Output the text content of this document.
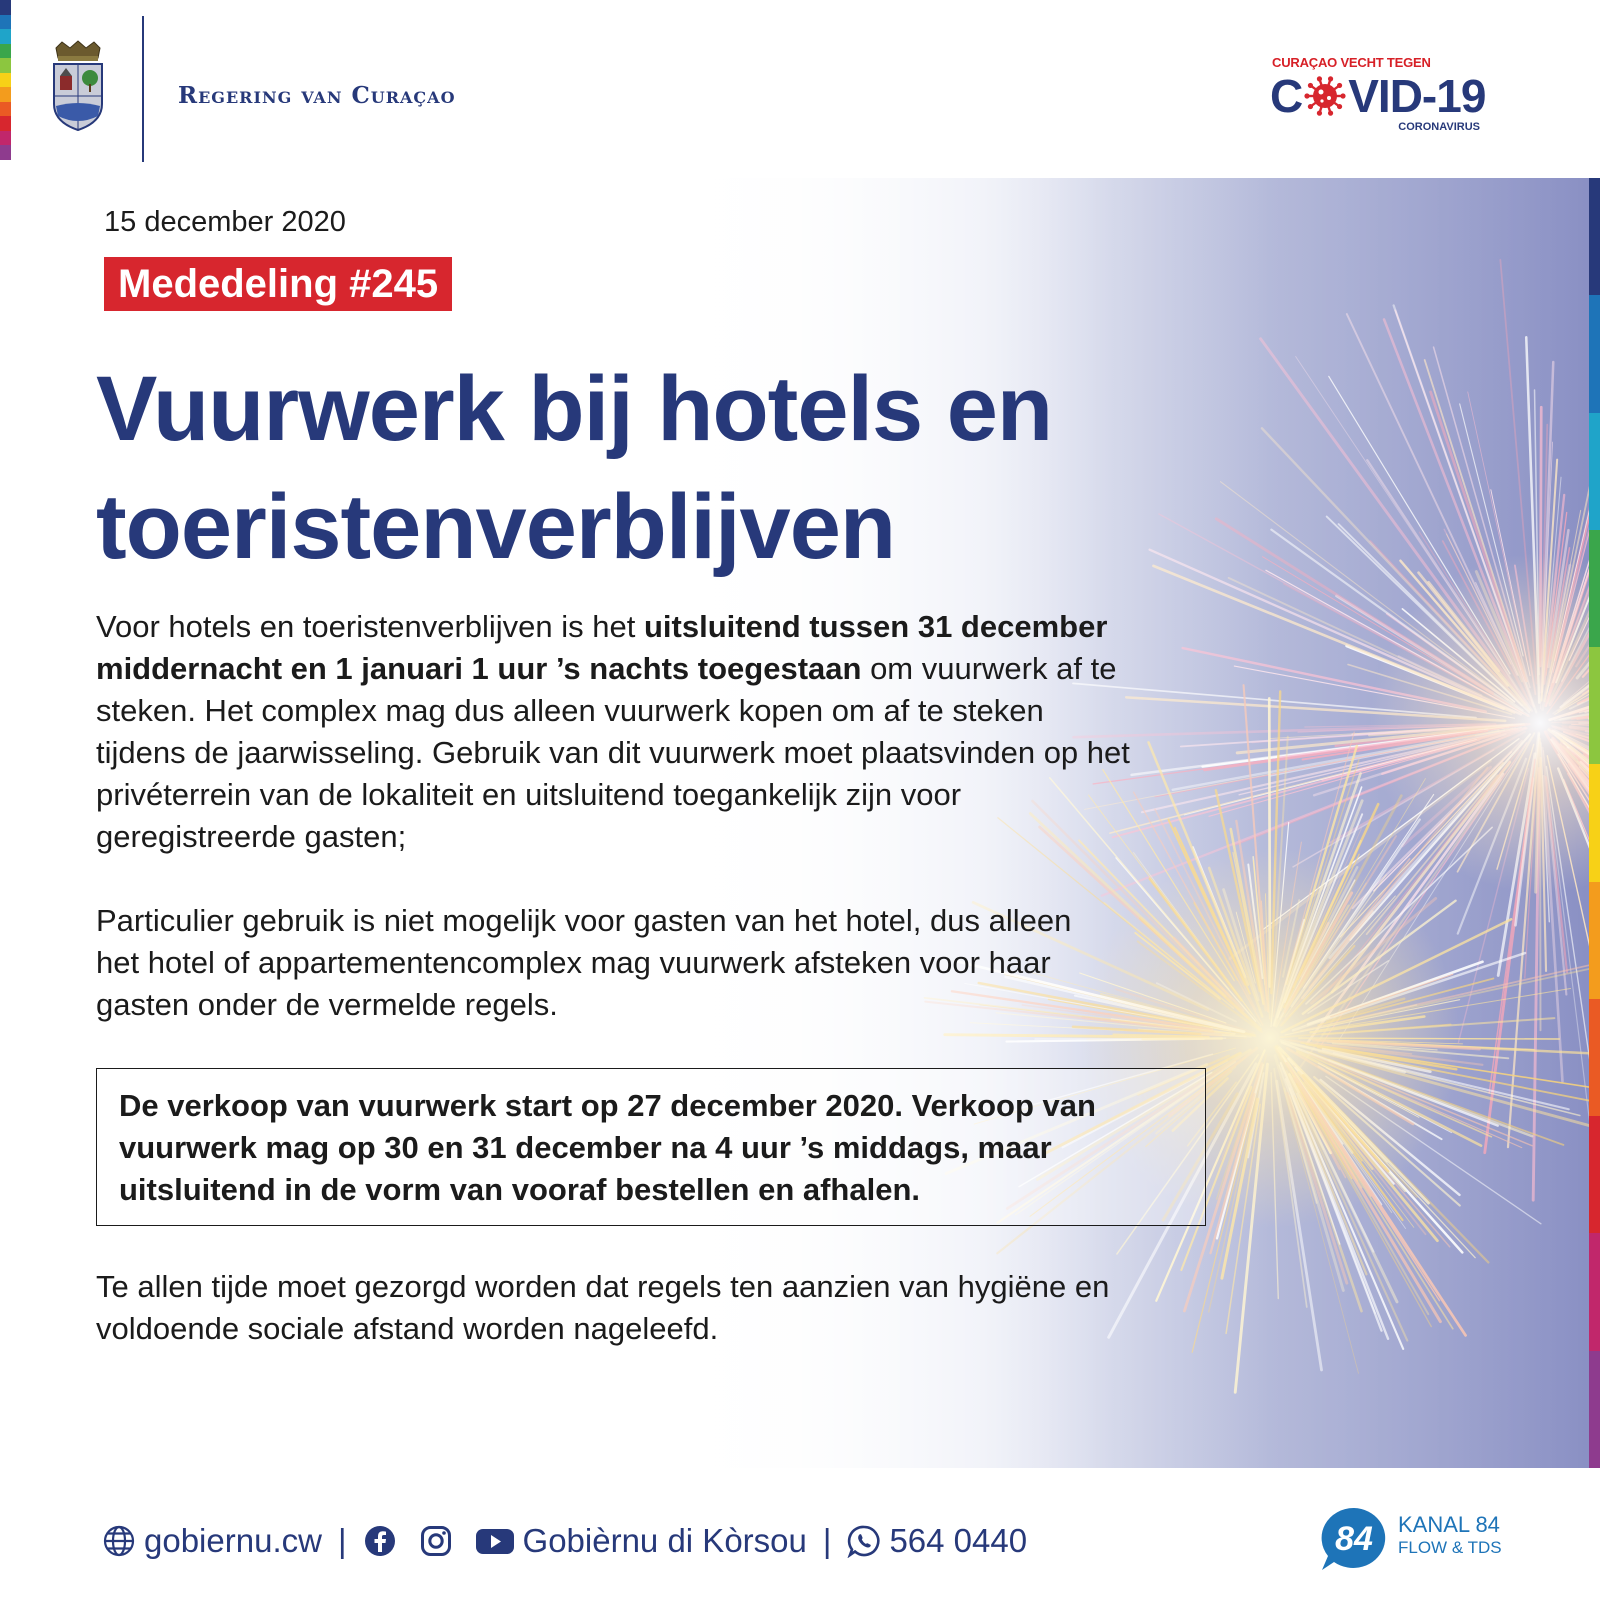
Regering van Curaçao
CURAÇAO VECHT TEGEN
C VID-19
CORONAVIRUS
15 december 2020
Mededeling #245
Vuurwerk bij hotels en toeristenverblijven
Voor hotels en toeristenverblijven is het uitsluitend tussen 31 december middernacht en 1 januari 1 uur ’s nachts toegestaan om vuurwerk af te steken. Het complex mag dus alleen vuurwerk kopen om af te steken tijdens de jaarwisseling. Gebruik van dit vuurwerk moet plaatsvinden op het privéterrein van de lokaliteit en uitsluitend toegankelijk zijn voor geregistreerde gasten;
Particulier gebruik is niet mogelijk voor gasten van het hotel, dus alleen het hotel of appartementencomplex mag vuurwerk afsteken voor haar gasten onder de vermelde regels.
De verkoop van vuurwerk start op 27 december 2020. Verkoop van vuurwerk mag op 30 en 31 december na 4 uur ’s middags, maar uitsluitend in de vorm van vooraf bestellen en afhalen.
Te allen tijde moet gezorgd worden dat regels ten aanzien van hygiëne en voldoende sociale afstand worden nageleefd.
gobiernu.cw |	Gobièrnu di Kòrsou | 564 0440	84 KANAL 84
FLOW & TDS
